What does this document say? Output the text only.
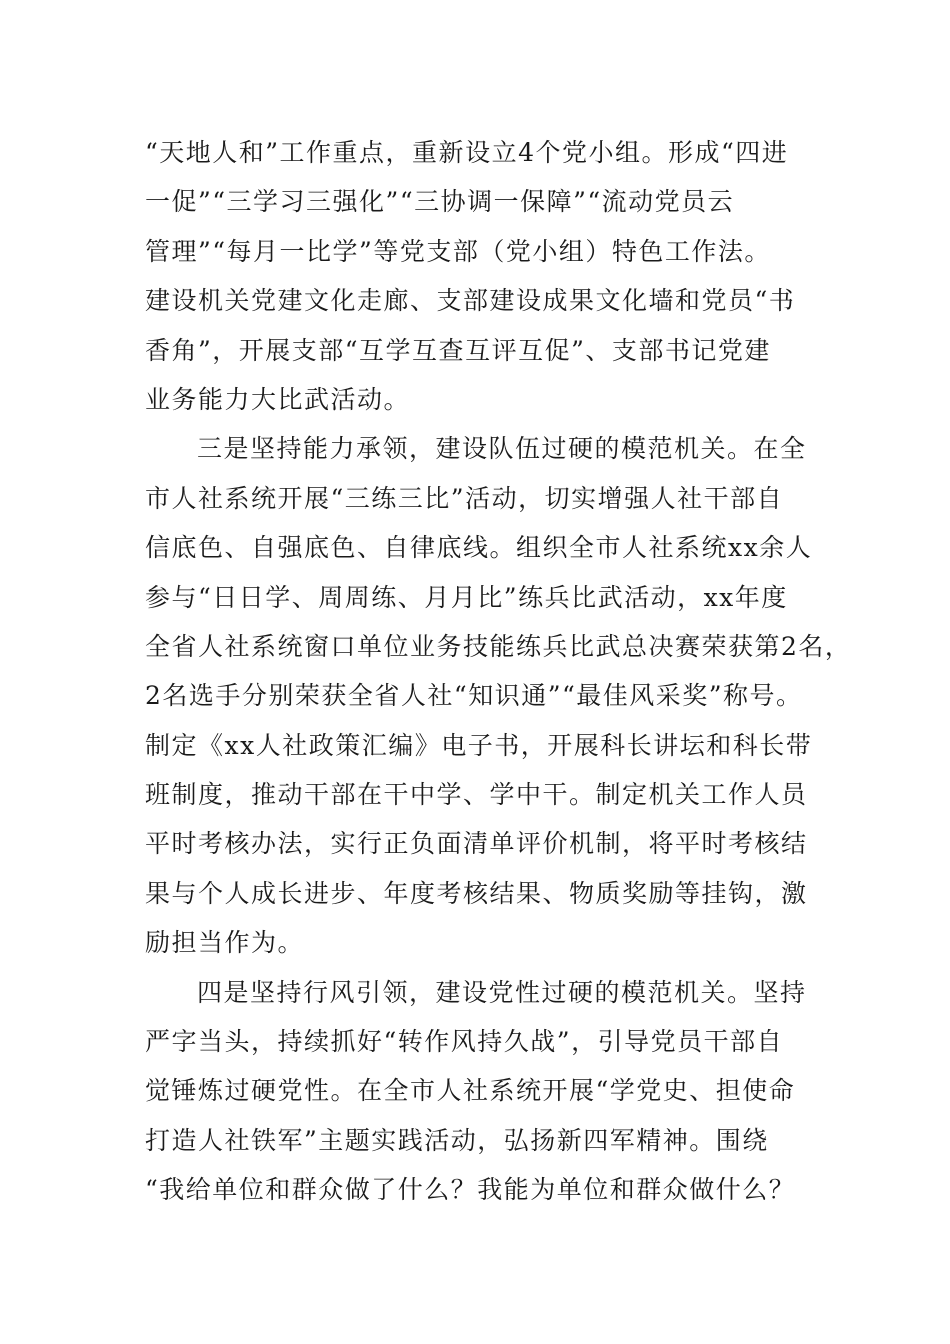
“天地人和”工作重点，重新设立4个党小组。形成“四进
一促”“三学习三强化”“三协调一保障”“流动党员云
管理”“每月一比学”等党支部（党小组）特色工作法。
建设机关党建文化走廊、支部建设成果文化墙和党员“书
香角”，开展支部“互学互查互评互促”、支部书记党建
业务能力大比武活动。
三是坚持能力承领，建设队伍过硬的模范机关。在全
市人社系统开展“三练三比”活动，切实增强人社干部自
信底色、自强底色、自律底线。组织全市人社系统xx余人
参与“日日学、周周练、月月比”练兵比武活动，xx年度
全省人社系统窗口单位业务技能练兵比武总决赛荣获第2名，
2名选手分别荣获全省人社“知识通”“最佳风采奖”称号。
制定《xx人社政策汇编》电子书，开展科长讲坛和科长带
班制度，推动干部在干中学、学中干。制定机关工作人员
平时考核办法，实行正负面清单评价机制，将平时考核结
果与个人成长进步、年度考核结果、物质奖励等挂钩，激
励担当作为。
四是坚持行风引领，建设党性过硬的模范机关。坚持
严字当头，持续抓好“转作风持久战”，引导党员干部自
觉锤炼过硬党性。在全市人社系统开展“学党史、担使命
打造人社铁军”主题实践活动，弘扬新四军精神。围绕
“我给单位和群众做了什么？我能为单位和群众做什么？
